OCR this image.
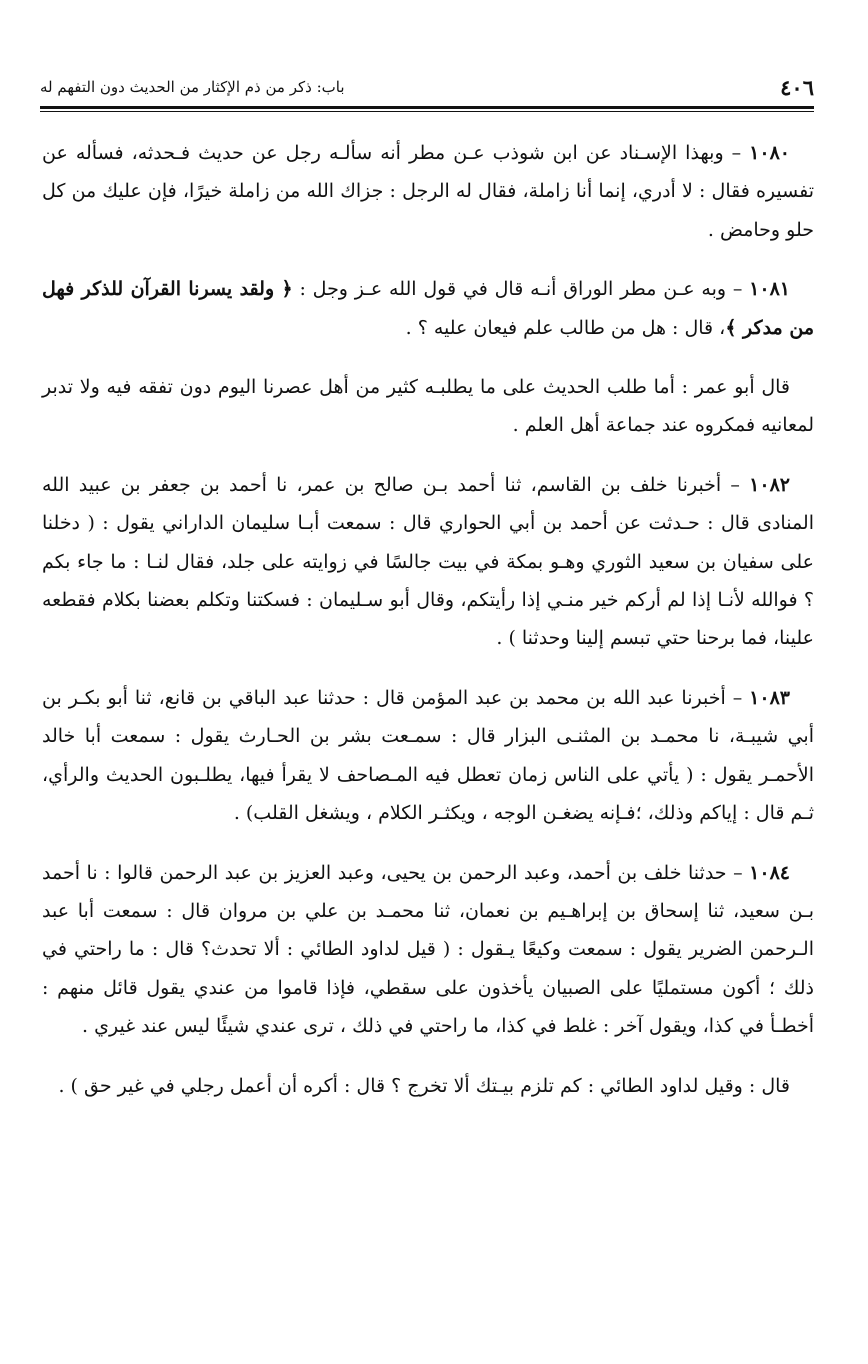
٤٠٦
باب: ذكر من ذم الإكثار من الحديث دون التفهم له

١٠٨٠ – وبهذا الإسـناد عن ابن شوذب عـن مطر أنه سألـه رجل عن حديث فـحدثه، فسأله عن تفسيره فقال : لا أدري، إنما أنا زاملة، فقال له الرجل : جزاك الله من زاملة خيرًا، فإن عليك من كل حلو وحامض .

١٠٨١ – وبه عـن مطر الوراق أنـه قال في قول الله عـز وجل : ﴿ ولقد يسرنا القرآن للذكر فهل من مدكر ﴾، قال : هل من طالب علم فيعان عليه ؟ .

قال أبو عمر : أما طلب الحديث على ما يطلبـه كثير من أهل عصرنا اليوم دون تفقه فيه ولا تدبر لمعانيه فمكروه عند جماعة أهل العلم .

١٠٨٢ – أخبرنا خلف بن القاسم، ثنا أحمد بـن صالح بن عمر، نا أحمد بن جعفر بن عبيد الله المنادى قال : حـدثت عن أحمد بن أبي الحواري قال : سمعت أبـا سليمان الداراني يقول : ( دخلنا على سفيان بن سعيد الثوري وهـو بمكة في بيت جالسًا في زوايته على جلد، فقال لنـا : ما جاء بكم ؟ فوالله لأنـا إذا لم أركم خير منـي إذا رأيتكم، وقال أبو سـليمان : فسكتنا وتكلم بعضنا بكلام فقطعه علينا، فما برحنا حتي تبسم إلينا وحدثنا ) .

١٠٨٣ – أخبرنا عبد الله بن محمد بن عبد المؤمن قال : حدثنا عبد الباقي بن قانع، ثنا أبو بكـر بن أبي شيبـة، نا محمـد بن المثنـى البزار قال : سمـعت بشر بن الحـارث يقول : سمعت أبا خالد الأحمـر يقول : ( يأتي على الناس زمان تعطل فيه المـصاحف لا يقرأ فيها، يطلـبون الحديث والرأي، ثـم قال : إياكم وذلك، ؛فـإنه يضغـن الوجه ، ويكثـر الكلام ، ويشغل القلب) .

١٠٨٤ – حدثنا خلف بن أحمد، وعبد الرحمن بن يحيى، وعبد العزيز بن عبد الرحمن قالوا : نا أحمد بـن سعيد، ثنا إسحاق بن إبراهـيم بن نعمان، ثنا محمـد بن علي بن مروان قال : سمعت أبا عبد الـرحمن الضرير يقول : سمعت وكيعًا يـقول : ( قيل لداود الطائي : ألا تحدث؟ قال : ما راحتي في ذلك ؛ أكون مستمليًا على الصبيان يأخذون على سقطي، فإذا قاموا من عندي يقول قائل منهم : أخطـأ في كذا، ويقول آخر : غلط في كذا، ما راحتي في ذلك ، ترى عندي شيئًا ليس عند غيري .

قال : وقيل لداود الطائي : كم تلزم بيـتك ألا تخرج ؟ قال : أكره أن أعمل رجلي في غير حق ) .
